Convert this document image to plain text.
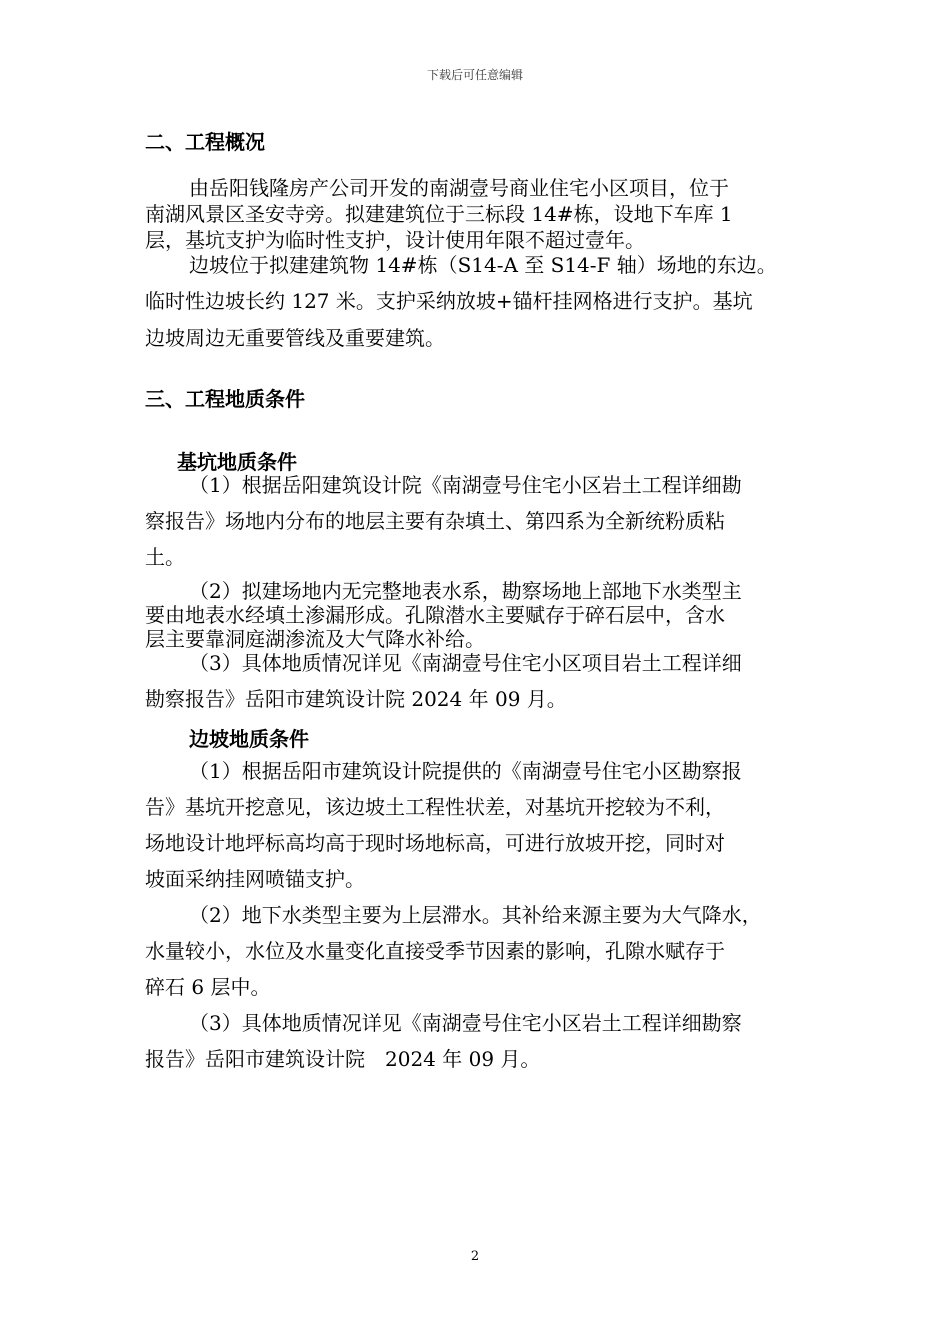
下载后可任意编辑
二、工程概况
由岳阳钱隆房产公司开发的南湖壹号商业住宅小区项目，位于
南湖风景区圣安寺旁。拟建建筑位于三标段 14#栋，设地下车库 1
层，基坑支护为临时性支护，设计使用年限不超过壹年。
边坡位于拟建建筑物 14#栋（S14-A 至 S14-F 轴）场地的东边。
临时性边坡长约 127 米。支护采纳放坡+锚杆挂网格进行支护。基坑
边坡周边无重要管线及重要建筑。
三、工程地质条件
基坑地质条件
（1）根据岳阳建筑设计院《南湖壹号住宅小区岩土工程详细勘
察报告》场地内分布的地层主要有杂填土、第四系为全新统粉质粘
土。
（2）拟建场地内无完整地表水系，勘察场地上部地下水类型主
要由地表水经填土渗漏形成。孔隙潜水主要赋存于碎石层中，含水
层主要靠洞庭湖渗流及大气降水补给。
（3）具体地质情况详见《南湖壹号住宅小区项目岩土工程详细
勘察报告》岳阳市建筑设计院 2024 年 09 月。
边坡地质条件
（1）根据岳阳市建筑设计院提供的《南湖壹号住宅小区勘察报
告》基坑开挖意见，该边坡土工程性状差，对基坑开挖较为不利，
场地设计地坪标高均高于现时场地标高，可进行放坡开挖，同时对
坡面采纳挂网喷锚支护。
（2）地下水类型主要为上层滞水。其补给来源主要为大气降水，
水量较小，水位及水量变化直接受季节因素的影响，孔隙水赋存于
碎石 6 层中。
（3）具体地质情况详见《南湖壹号住宅小区岩土工程详细勘察
报告》岳阳市建筑设计院　2024 年 09 月。
2
